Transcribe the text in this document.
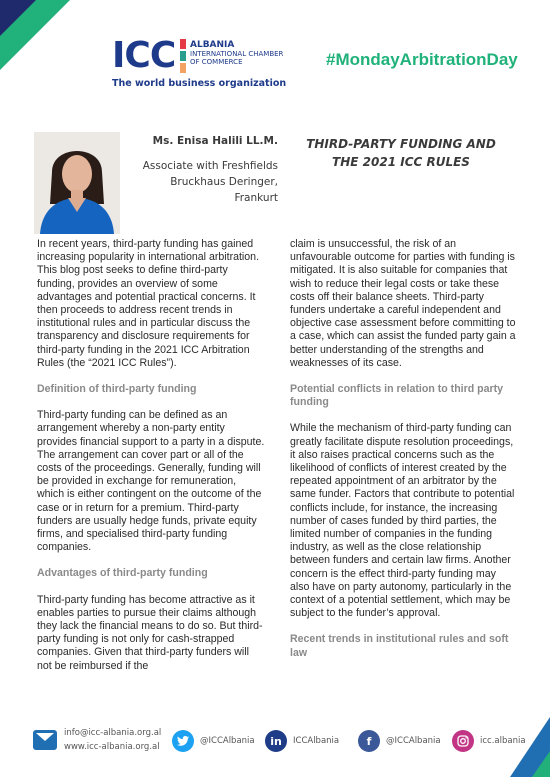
ICC ALBANIA
INTERNATIONAL CHAMBER OF COMMERCE
The world business organization
#MondayArbitrationDay
Ms. Enisa Halili LL.M.
Associate with Freshfields
Bruckhaus Deringer,
Frankurt
THIRD-PARTY FUNDING AND
THE 2021 ICC RULES

In recent years, third-party funding has gained increasing popularity in international arbitration. This blog post seeks to define third-party funding, provides an overview of some advantages and potential practical concerns. It then proceeds to address recent trends in institutional rules and in particular discuss the transparency and disclosure requirements for third-party funding in the 2021 ICC Arbitration Rules (the “2021 ICC Rules”).

Definition of third-party funding

Third-party funding can be defined as an arrangement whereby a non-party entity provides financial support to a party in a dispute. The arrangement can cover part or all of the costs of the proceedings. Generally, funding will be provided in exchange for remuneration, which is either contingent on the outcome of the case or in return for a premium. Third-party funders are usually hedge funds, private equity firms, and specialised third-party funding companies.

Advantages of third-party funding

Third-party funding has become attractive as it enables parties to pursue their claims although they lack the financial means to do so. But third-party funding is not only for cash-strapped companies. Given that third-party funders will not be reimbursed if the

claim is unsuccessful, the risk of an unfavourable outcome for parties with funding is mitigated. It is also suitable for companies that wish to reduce their legal costs or take these costs off their balance sheets. Third-party funders undertake a careful independent and objective case assessment before committing to a case, which can assist the funded party gain a better understanding of the strengths and weaknesses of its case.

Potential conflicts in relation to third party funding

While the mechanism of third-party funding can greatly facilitate dispute resolution proceedings, it also raises practical concerns such as the likelihood of conflicts of interest created by the repeated appointment of an arbitrator by the same funder. Factors that contribute to potential conflicts include, for instance, the increasing number of cases funded by third parties, the limited number of companies in the funding industry, as well as the close relationship between funders and certain law firms. Another concern is the effect third-party funding may also have on party autonomy, particularly in the context of a potential settlement, which may be subject to the funder’s approval.

Recent trends in institutional rules and soft law
info@icc-albania.org.al
www.icc-albania.org.al
@ICCAlbania	in	ICCAlbania	f	@ICCAlbania	icc.albania
